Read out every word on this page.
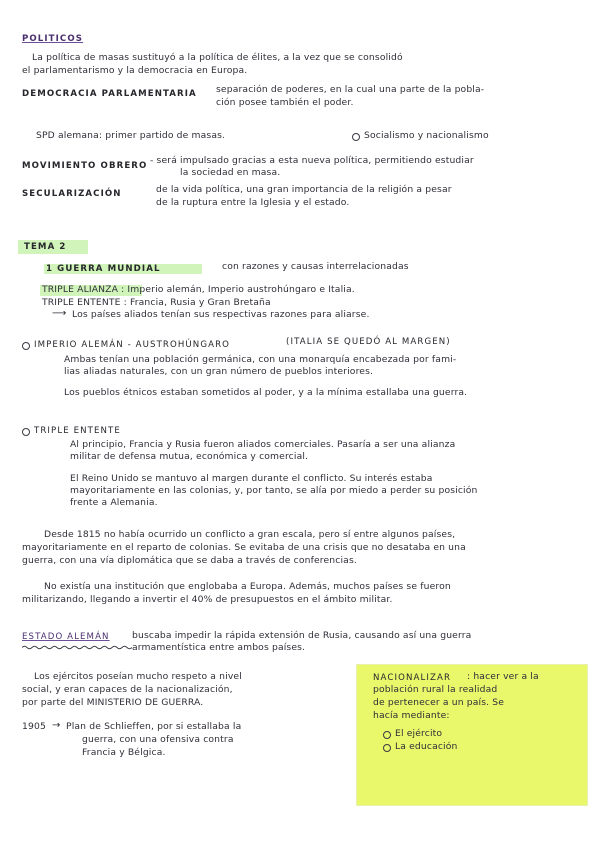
POLITICOS
La política de masas sustituyó a la política de élites, a la vez que se consolidó
el parlamentarismo y la democracia en Europa.
DEMOCRACIA PARLAMENTARIA separación de poderes, en la cual una parte de la pobla-
ción posee también el poder.
SPD alemana: primer partido de masas.	Socialismo y nacionalismo
MOVIMIENTO OBRERO - será impulsado gracias a esta nueva política, permitiendo estudiar
la sociedad en masa.
SECULARIZACIÓN	de la vida política, una gran importancia de la religión a pesar
de la ruptura entre la Iglesia y el estado.
TEMA 2
1 GUERRA MUNDIAL	con razones y causas interrelacionadas
TRIPLE ALIANZA : Imperio alemán, Imperio austrohúngaro e Italia.
TRIPLE ENTENTE : Francia, Rusia y Gran Bretaña
⟶ Los países aliados tenían sus respectivas razones para aliarse.
IMPERIO ALEMÁN - AUSTROHÚNGARO	(ITALIA SE QUEDÓ AL MARGEN)
Ambas tenían una población germánica, con una monarquía encabezada por fami-
lias aliadas naturales, con un gran número de pueblos interiores.
Los pueblos étnicos estaban sometidos al poder, y a la mínima estallaba una guerra.
TRIPLE ENTENTE
Al principio, Francia y Rusia fueron aliados comerciales. Pasaría a ser una alianza
militar de defensa mutua, económica y comercial.
El Reino Unido se mantuvo al margen durante el conflicto. Su interés estaba
mayoritariamente en las colonias, y, por tanto, se alía por miedo a perder su posición
frente a Alemania.
Desde 1815 no había ocurrido un conflicto a gran escala, pero sí entre algunos países,
mayoritariamente en el reparto de colonias. Se evitaba de una crisis que no desataba en una
guerra, con una vía diplomática que se daba a través de conferencias.
No existía una institución que englobaba a Europa. Además, muchos países se fueron
militarizando, llegando a invertir el 40% de presupuestos en el ámbito militar.
ESTADO ALEMÁN buscaba impedir la rápida extensión de Rusia, causando así una guerra
armamentística entre ambos países.
Los ejércitos poseían mucho respeto a nivel
social, y eran capaces de la nacionalización,
por parte del MINISTERIO DE GUERRA.
1905 → Plan de Schlieffen, por si estallaba la
guerra, con una ofensiva contra
Francia y Bélgica.
NACIONALIZAR : hacer ver a la
población rural la realidad
de pertenecer a un país. Se
hacía mediante:
El ejército
La educación
